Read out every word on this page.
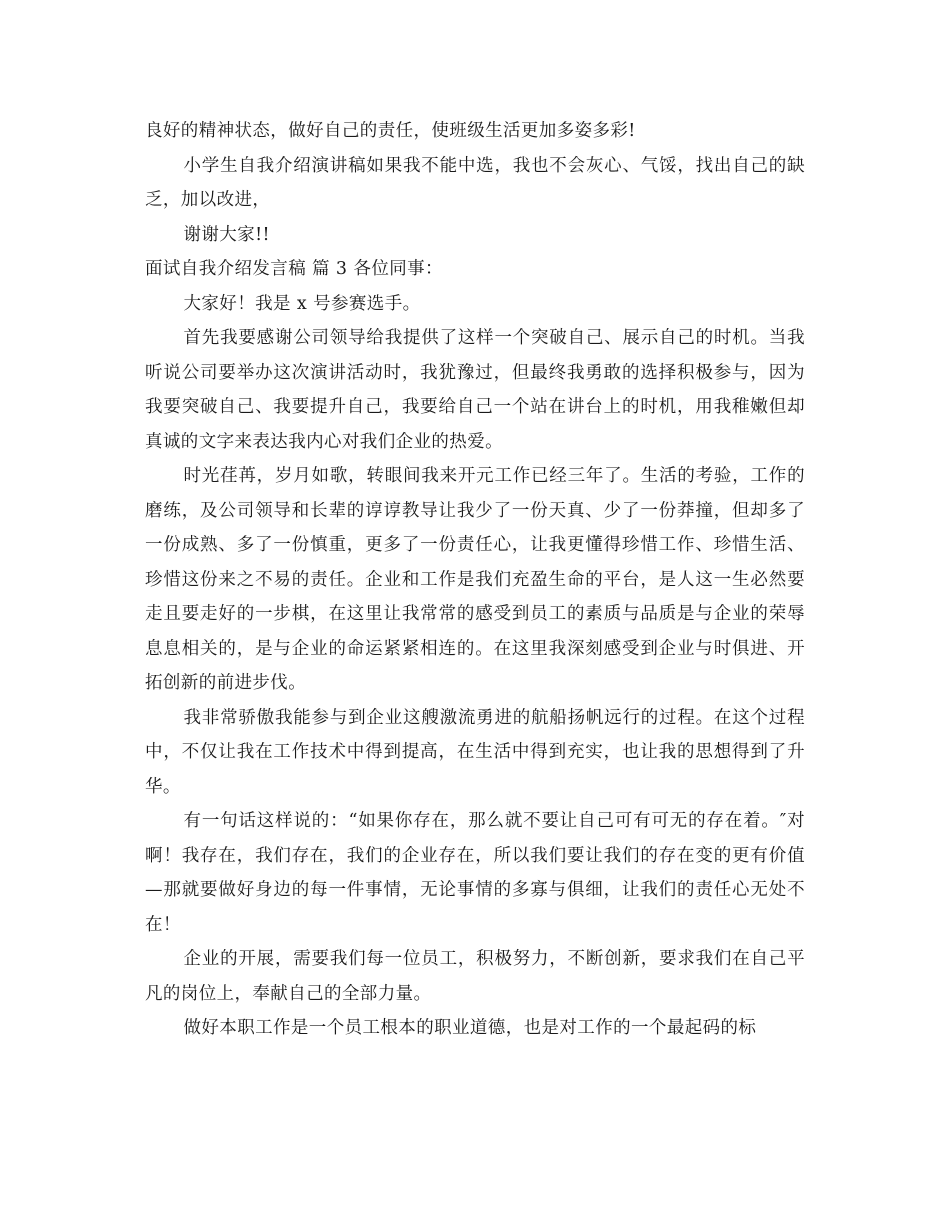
良好的精神状态，做好自己的责任，使班级生活更加多姿多彩!

小学生自我介绍演讲稿如果我不能中选，我也不会灰心、气馁，找出自己的缺乏，加以改进，

谢谢大家!!

面试自我介绍发言稿 篇 3 各位同事：

大家好！我是 x 号参赛选手。

首先我要感谢公司领导给我提供了这样一个突破自己、展示自己的时机。当我听说公司要举办这次演讲活动时，我犹豫过，但最终我勇敢的选择积极参与，因为我要突破自己、我要提升自己，我要给自己一个站在讲台上的时机，用我稚嫩但却真诚的文字来表达我内心对我们企业的热爱。

时光荏苒，岁月如歌，转眼间我来开元工作已经三年了。生活的考验，工作的磨练，及公司领导和长辈的谆谆教导让我少了一份天真、少了一份莽撞，但却多了一份成熟、多了一份慎重，更多了一份责任心，让我更懂得珍惜工作、珍惜生活、珍惜这份来之不易的责任。企业和工作是我们充盈生命的平台，是人这一生必然要走且要走好的一步棋，在这里让我常常的感受到员工的素质与品质是与企业的荣辱息息相关的，是与企业的命运紧紧相连的。在这里我深刻感受到企业与时俱进、开拓创新的前进步伐。

我非常骄傲我能参与到企业这艘激流勇进的航船扬帆远行的过程。在这个过程中，不仅让我在工作技术中得到提高，在生活中得到充实，也让我的思想得到了升华。

有一句话这样说的：“如果你存在，那么就不要让自己可有可无的存在着。″对啊！我存在，我们存在，我们的企业存在，所以我们要让我们的存在变的更有价值—那就要做好身边的每一件事情，无论事情的多寡与俱细，让我们的责任心无处不在！

企业的开展，需要我们每一位员工，积极努力，不断创新，要求我们在自己平凡的岗位上，奉献自己的全部力量。

做好本职工作是一个员工根本的职业道德，也是对工作的一个最起码的标
